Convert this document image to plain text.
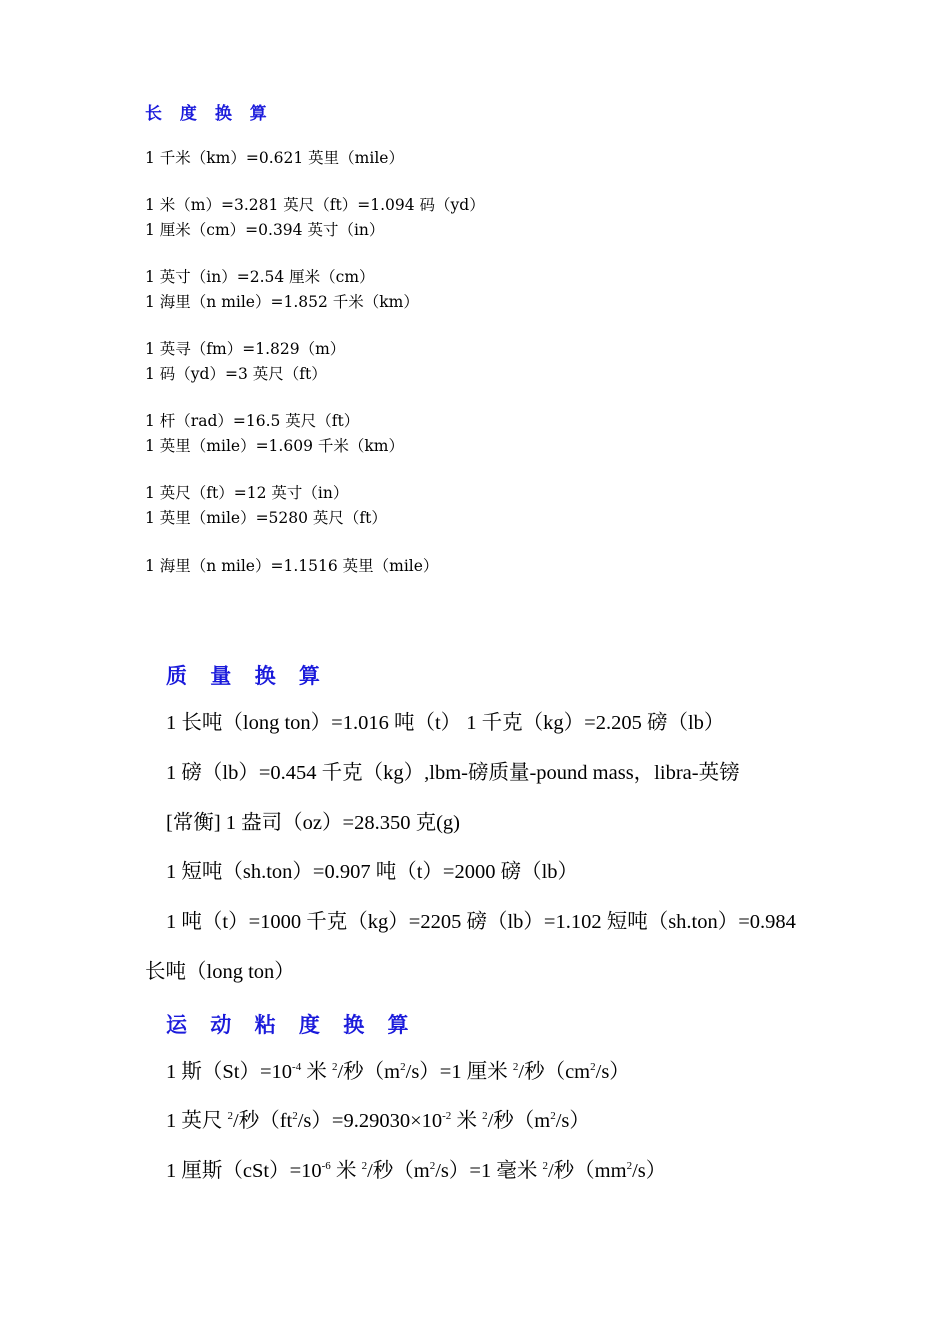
长 度 换 算
1 千米（km）=0.621 英里（mile）
1 米（m）=3.281 英尺（ft）=1.094 码（yd）
1 厘米（cm）=0.394 英寸（in）
1 英寸（in）=2.54 厘米（cm）
1 海里（n mile）=1.852 千米（km）
1 英寻（fm）=1.829（m）
1 码（yd）=3 英尺（ft）
1 杆（rad）=16.5 英尺（ft）
1 英里（mile）=1.609 千米（km）
1 英尺（ft）=12 英寸（in）
1 英里（mile）=5280 英尺（ft）
1 海里（n mile）=1.1516 英里（mile）
质 量 换 算
1 长吨（long ton）=1.016 吨（t） 1 千克（kg）=2.205 磅（lb）
1 磅（lb）=0.454 千克（kg）,lbm-磅质量-pound mass，libra-英镑
[常衡] 1 盎司（oz）=28.350 克(g)
1 短吨（sh.ton）=0.907 吨（t）=2000 磅（lb）
1 吨（t）=1000 千克（kg）=2205 磅（lb）=1.102 短吨（sh.ton）=0.984
长吨（long ton）
运 动 粘 度 换 算
1 斯$(St)=10^{-4}$ 米 $^2$/秒$(m^2/s)=1$ 厘米 $^2$/秒$(cm^2/s)$
1 英尺 $^2$/秒$(ft^2/s)=9.29030\times 10^{-2}$ 米 $^2$/秒$(m^2/s)$
1 厘斯$(cSt)=10^{-6}$ 米 $^2$/秒$(m^2/s)=1$ 毫米 $^2$/秒$(mm^2/s)$
